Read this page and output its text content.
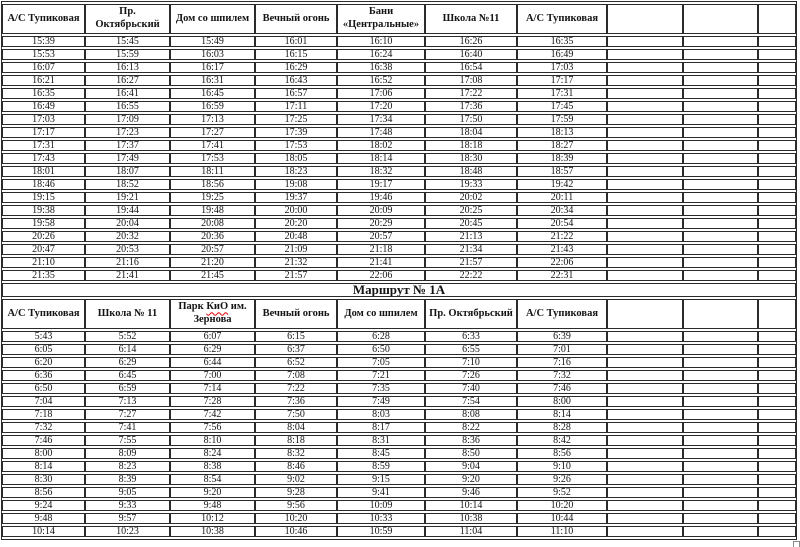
А/С Тупиковая	Пр. Октябрьский	Дом со шпилем	Вечный огонь	Бани «Центральные»	Школа №11	А/С Тупиковая			
15:39	15:45	15:49	16:01	16:10	16:26	16:35			
15:53	15:59	16:03	16:15	16:24	16:40	16:49			
16:07	16:13	16:17	16:29	16:38	16:54	17:03			
16:21	16:27	16:31	16:43	16:52	17:08	17:17			
16:35	16:41	16:45	16:57	17:06	17:22	17:31			
16:49	16:55	16:59	17:11	17:20	17:36	17:45			
17:03	17:09	17:13	17:25	17:34	17:50	17:59			
17:17	17:23	17:27	17:39	17:48	18:04	18:13			
17:31	17:37	17:41	17:53	18:02	18:18	18:27			
17:43	17:49	17:53	18:05	18:14	18:30	18:39			
18:01	18:07	18:11	18:23	18:32	18:48	18:57			
18:46	18:52	18:56	19:08	19:17	19:33	19:42			
19:15	19:21	19:25	19:37	19:46	20:02	20:11			
19:38	19:44	19:48	20:00	20:09	20:25	20:34			
19:58	20:04	20:08	20:20	20:29	20:45	20:54			
20:26	20:32	20:36	20:48	20:57	21:13	21:22			
20:47	20:53	20:57	21:09	21:18	21:34	21:43			
21:10	21:16	21:20	21:32	21:41	21:57	22:06			
21:35	21:41	21:45	21:57	22:06	22:22	22:31			
Маршрут № 1А									
А/С Тупиковая	Школа № 11	Парк КиО им. Зернова	Вечный огонь	Дом со шпилем	Пр. Октябрьский	А/С Тупиковая			
5:43	5:52	6:07	6:15	6:28	6:33	6:39			
6:05	6:14	6:29	6:37	6:50	6:55	7:01			
6:20	6:29	6:44	6:52	7:05	7:10	7:16			
6:36	6:45	7:00	7:08	7:21	7:26	7:32			
6:50	6:59	7:14	7:22	7:35	7:40	7:46			
7:04	7:13	7:28	7:36	7:49	7:54	8:00			
7:18	7:27	7:42	7:50	8:03	8:08	8:14			
7:32	7:41	7:56	8:04	8:17	8:22	8:28			
7:46	7:55	8:10	8:18	8:31	8:36	8:42			
8:00	8:09	8:24	8:32	8:45	8:50	8:56			
8:14	8:23	8:38	8:46	8:59	9:04	9:10			
8:30	8:39	8:54	9:02	9:15	9:20	9:26			
8:56	9:05	9:20	9:28	9:41	9:46	9:52			
9:24	9:33	9:48	9:56	10:09	10:14	10:20			
9:48	9:57	10:12	10:20	10:33	10:38	10:44			
10:14	10:23	10:38	10:46	10:59	11:04	11:10			
